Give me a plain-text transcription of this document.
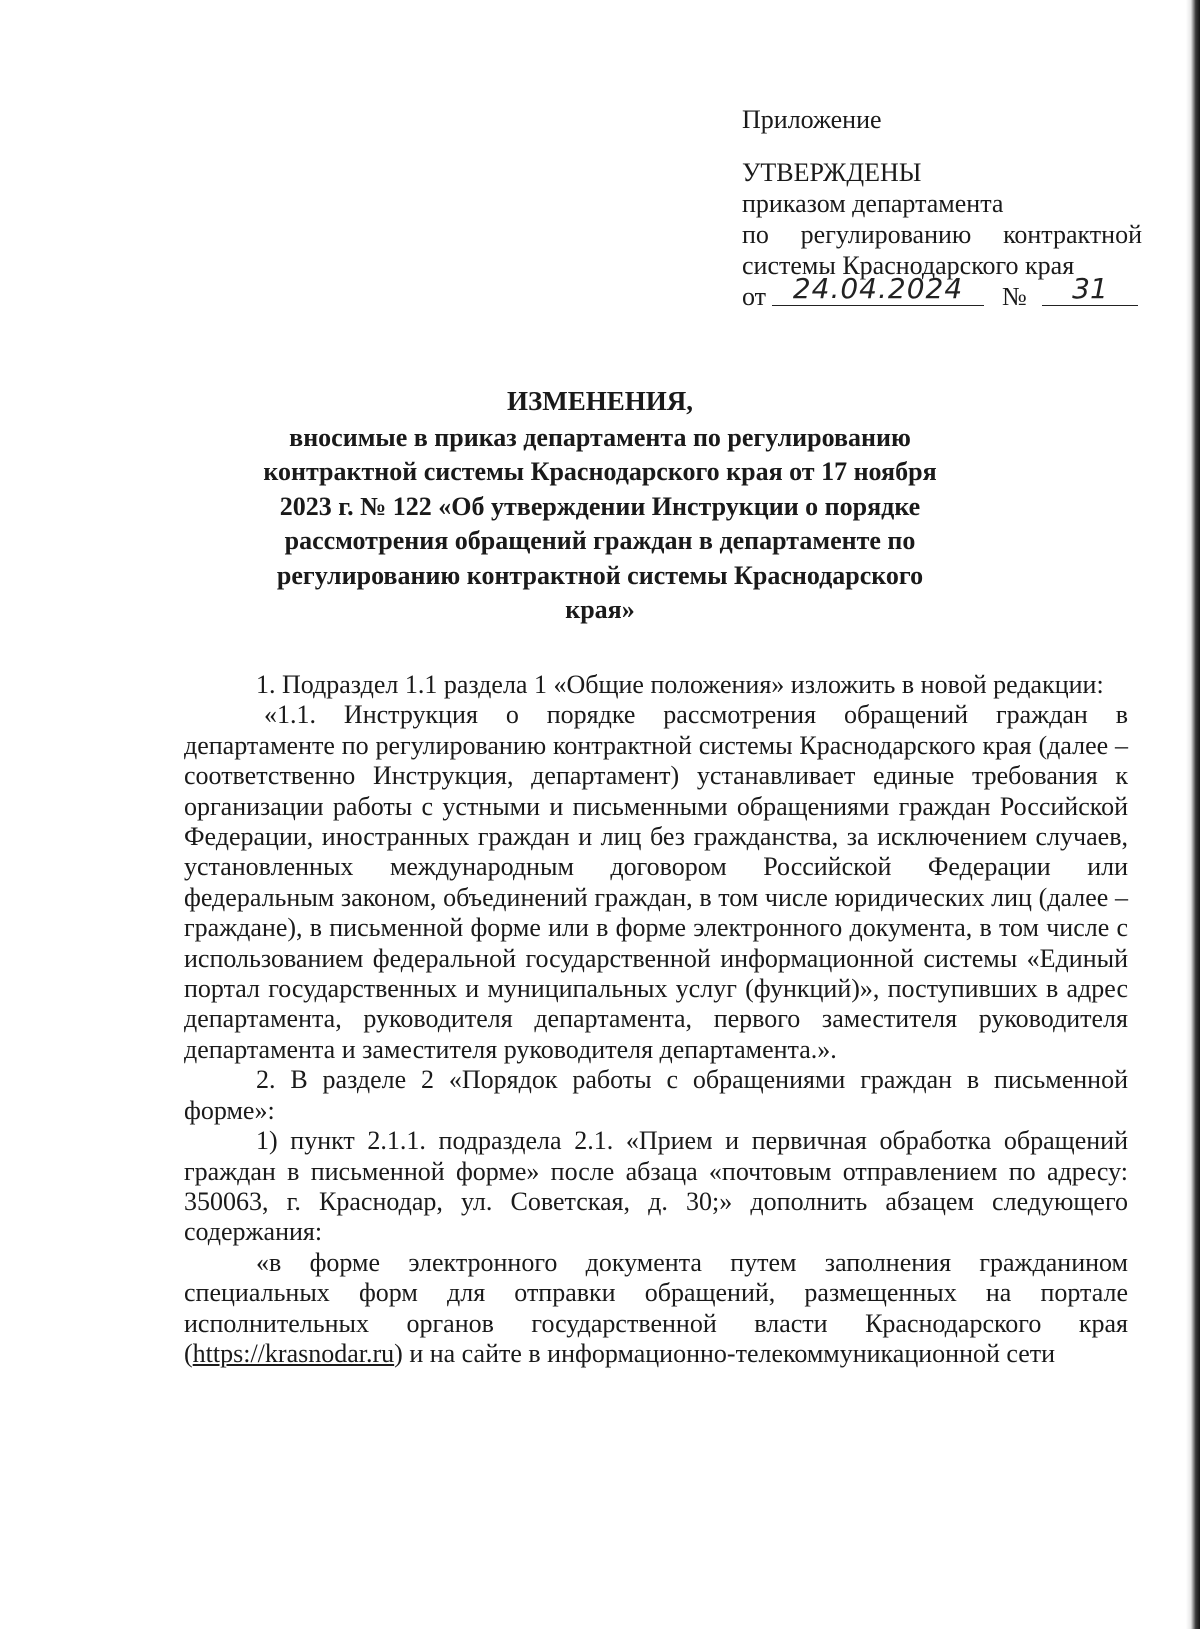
Приложение
УТВЕРЖДЕНЫ
приказом департамента
по регулированию контрактной
системы Краснодарского края
от 24.04.2024	№	31
ИЗМЕНЕНИЯ,
вносимые в приказ департамента по регулированию
контрактной системы Краснодарского края от 17 ноября
2023 г. № 122 «Об утверждении Инструкции о порядке
рассмотрения обращений граждан в департаменте по
регулированию контрактной системы Краснодарского
края»

1. Подраздел 1.1 раздела 1 «Общие положения» изложить в новой редакции:

«1.1. Инструкция о порядке рассмотрения обращений граждан в департаменте по регулированию контрактной системы Краснодарского края (далее – соответственно Инструкция, департамент) устанавливает единые требования к организации работы с устными и письменными обращениями граждан Российской Федерации, иностранных граждан и лиц без гражданства, за исключением случаев, установленных международным договором Российской Федерации или федеральным законом, объединений граждан, в том числе юридических лиц (далее – граждане), в письменной форме или в форме электронного документа, в том числе с использованием федеральной государственной информационной системы «Единый портал государственных и муниципальных услуг (функций)», поступивших в адрес департамента, руководителя департамента, первого заместителя руководителя департамента и заместителя руководителя департамента.».

2. В разделе 2 «Порядок работы с обращениями граждан в письменной форме»:

1) пункт 2.1.1. подраздела 2.1. «Прием и первичная обработка обращений граждан в письменной форме» после абзаца «почтовым отправлением по адресу: 350063, г. Краснодар, ул. Советская, д. 30;» дополнить абзацем следующего содержания:

«в форме электронного документа путем заполнения гражданином специальных форм для отправки обращений, размещенных на портале исполнительных органов государственной власти Краснодарского края (https://krasnodar.ru) и на сайте в информационно-телекоммуникационной сети
